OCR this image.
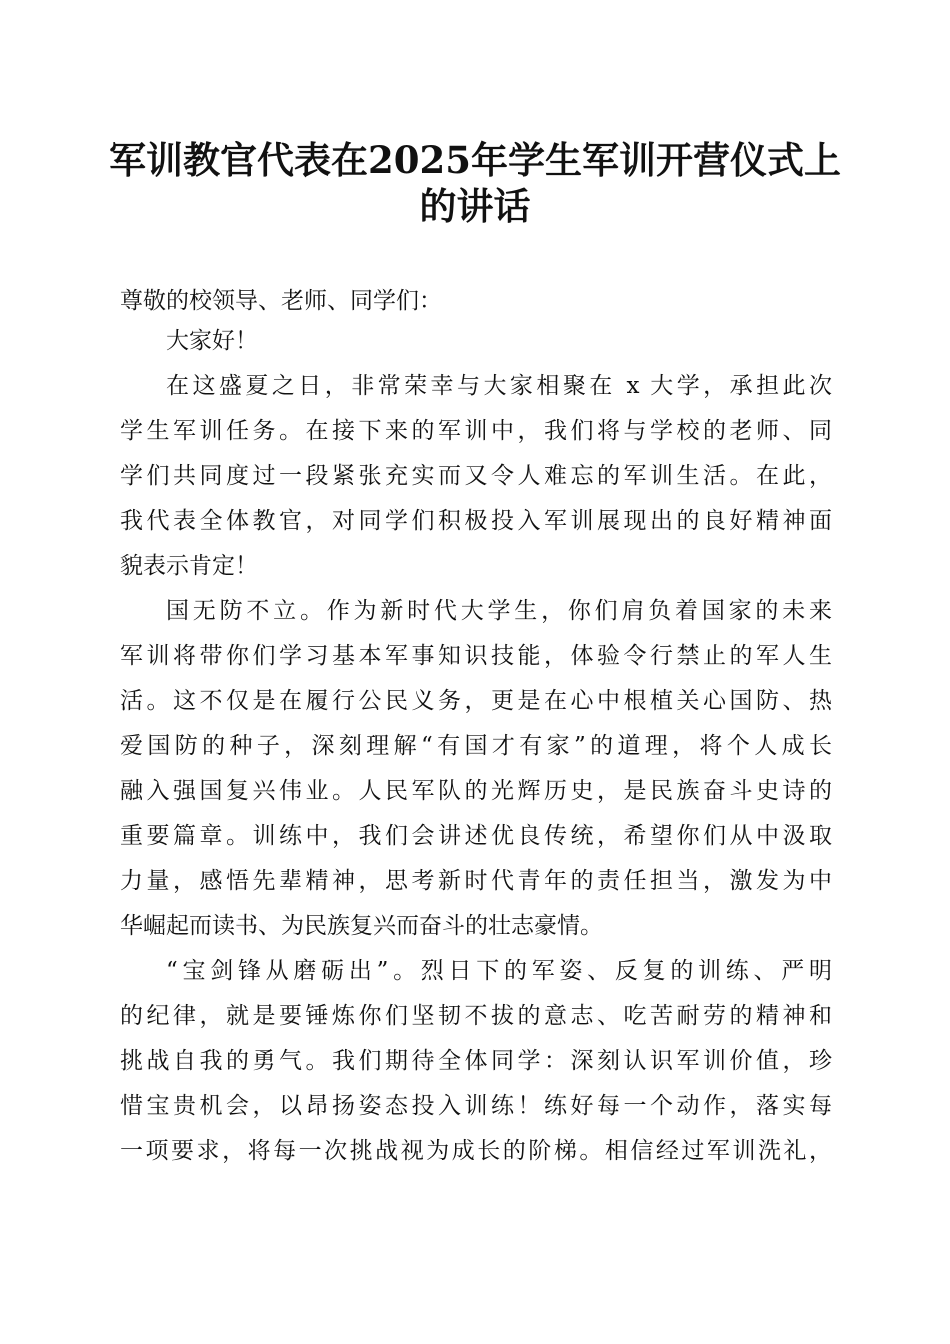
军训教官代表在2025年学生军训开营仪式上
的讲话
尊敬的校领导、老师、同学们：
大家好！
在这盛夏之日，非常荣幸与大家相聚在 x 大学，承担此次
学生军训任务。在接下来的军训中，我们将与学校的老师、同
学们共同度过一段紧张充实而又令人难忘的军训生活。在此，
我代表全体教官，对同学们积极投入军训展现出的良好精神面
貌表示肯定！
国无防不立。作为新时代大学生，你们肩负着国家的未来
军训将带你们学习基本军事知识技能，体验令行禁止的军人生
活。这不仅是在履行公民义务，更是在心中根植关心国防、热
爱国防的种子，深刻理解“有国才有家”的道理，将个人成长
融入强国复兴伟业。人民军队的光辉历史，是民族奋斗史诗的
重要篇章。训练中，我们会讲述优良传统，希望你们从中汲取
力量，感悟先辈精神，思考新时代青年的责任担当，激发为中
华崛起而读书、为民族复兴而奋斗的壮志豪情。
“宝剑锋从磨砺出”。烈日下的军姿、反复的训练、严明
的纪律，就是要锤炼你们坚韧不拔的意志、吃苦耐劳的精神和
挑战自我的勇气。我们期待全体同学：深刻认识军训价值，珍
惜宝贵机会，以昂扬姿态投入训练！练好每一个动作，落实每
一项要求，将每一次挑战视为成长的阶梯。相信经过军训洗礼，
